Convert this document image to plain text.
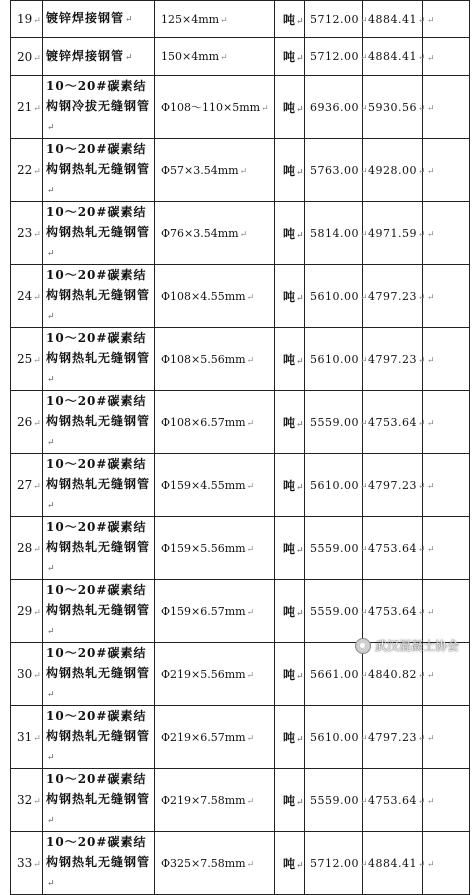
19↵	镀锌焊接钢管↵	125×4mm↵	吨↵	5712.00↵	4884.41↵	↵
20↵	镀锌焊接钢管↵	150×4mm↵	吨↵	5712.00↵	4884.41↵	↵
21↵	10～20#碳素结构钢冷拔无缝钢管↵	Φ108～110×5mm↵	吨↵	6936.00↵	5930.56↵	↵
22↵	10～20#碳素结构钢热轧无缝钢管↵	Φ57×3.54mm↵	吨↵	5763.00↵	4928.00↵	↵
23↵	10～20#碳素结构钢热轧无缝钢管↵	Φ76×3.54mm↵	吨↵	5814.00↵	4971.59↵	↵
24↵	10～20#碳素结构钢热轧无缝钢管↵	Φ108×4.55mm↵	吨↵	5610.00↵	4797.23↵	↵
25↵	10～20#碳素结构钢热轧无缝钢管↵	Φ108×5.56mm↵	吨↵	5610.00↵	4797.23↵	↵
26↵	10～20#碳素结构钢热轧无缝钢管↵	Φ108×6.57mm↵	吨↵	5559.00↵	4753.64↵	↵
27↵	10～20#碳素结构钢热轧无缝钢管↵	Φ159×4.55mm↵	吨↵	5610.00↵	4797.23↵	↵
28↵	10～20#碳素结构钢热轧无缝钢管↵	Φ159×5.56mm↵	吨↵	5559.00↵	4753.64↵	↵
29↵	10～20#碳素结构钢热轧无缝钢管↵	Φ159×6.57mm↵	吨↵	5559.00↵	4753.64↵	↵
30↵	10～20#碳素结构钢热轧无缝钢管↵	Φ219×5.56mm↵	吨↵	5661.00↵	4840.82↵	↵
31↵	10～20#碳素结构钢热轧无缝钢管↵	Φ219×6.57mm↵	吨↵	5610.00↵	4797.23↵	↵
32↵	10～20#碳素结构钢热轧无缝钢管↵	Φ219×7.58mm↵	吨↵	5559.00↵	4753.64↵	↵
33↵	10～20#碳素结构钢热轧无缝钢管↵	Φ325×7.58mm↵	吨↵	5712.00↵	4884.41↵	↵
武汉混凝土协会
